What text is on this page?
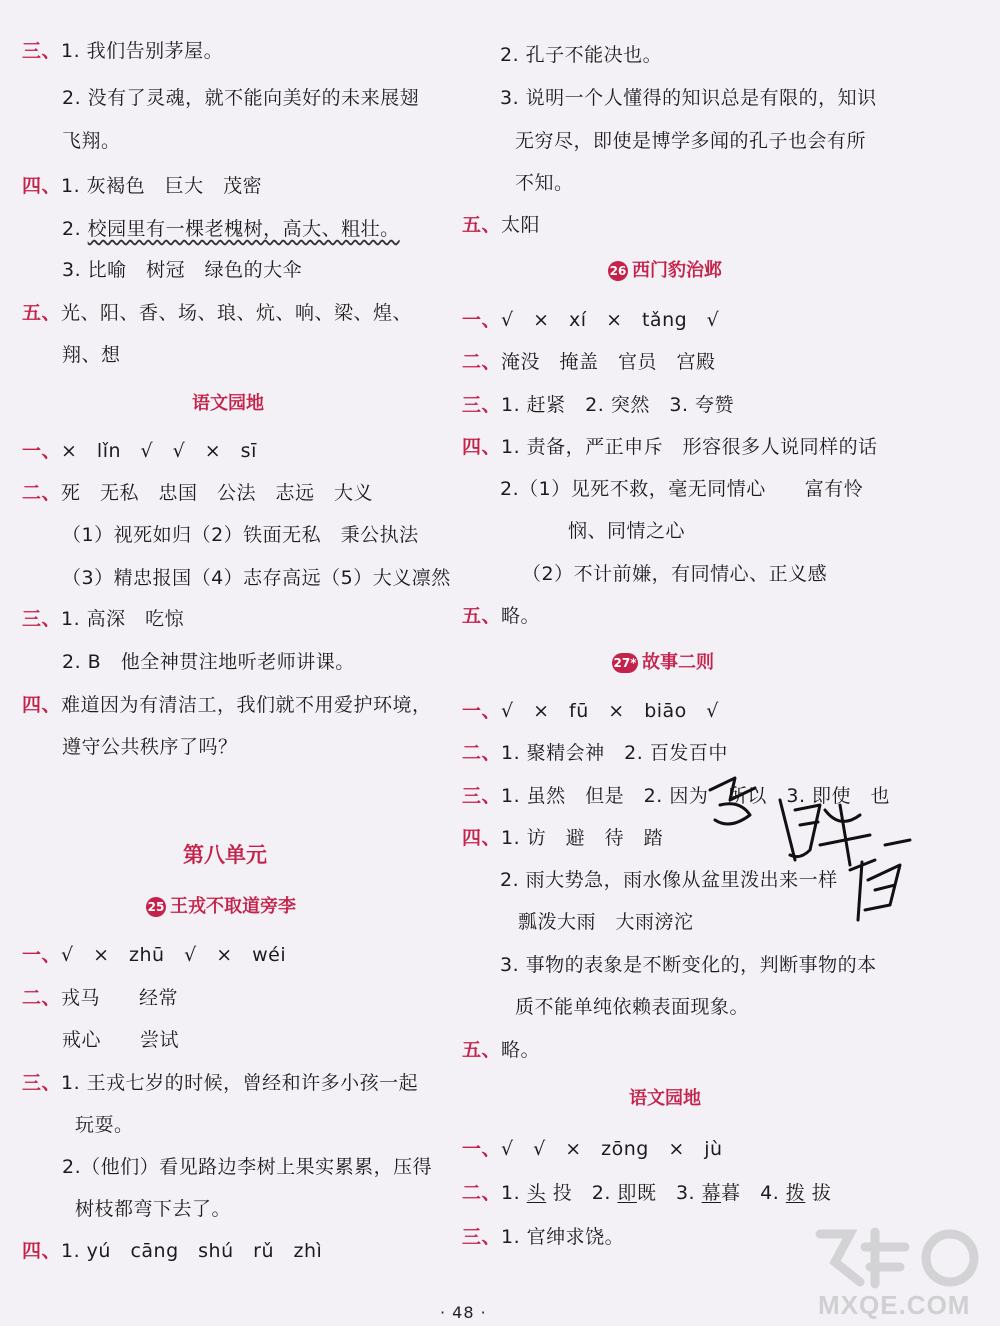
三、1. 我们告别茅屋。
2. 没有了灵魂，就不能向美好的未来展翅
飞翔。
四、1. 灰褐色　巨大　茂密
2. 校园里有一棵老槐树，高大、粗壮。
3. 比喻　树冠　绿色的大伞
五、光、阳、香、场、琅、炕、响、梁、煌、
翔、想
语文园地
一、×　lǐn　√　√　×　sī
二、死　无私　忠国　公法　志远　大义
（1）视死如归（2）铁面无私　秉公执法
（3）精忠报国（4）志存高远（5）大义凛然
三、1. 高深　吃惊
2. B　他全神贯注地听老师讲课。
四、难道因为有清洁工，我们就不用爱护环境，
遵守公共秩序了吗？
第八单元
25 王戎不取道旁李
一、√　×　zhū　√　×　wéi
二、戎马　　经常
戒心　　尝试
三、1. 王戎七岁的时候，曾经和许多小孩一起
玩耍。
2.（他们）看见路边李树上果实累累，压得
树枝都弯下去了。
四、1. yú　cāng　shú　rǔ　zhì
2. 孔子不能决也。
3. 说明一个人懂得的知识总是有限的，知识
无穷尽，即使是博学多闻的孔子也会有所
不知。
五、太阳
26 西门豹治邺
一、√　×　xí　×　tǎng　√
二、淹没　掩盖　官员　宫殿
三、1. 赶紧　2. 突然　3. 夸赞
四、1. 责备，严正申斥　形容很多人说同样的话
2.（1）见死不救，毫无同情心　　富有怜
悯、同情之心
（2）不计前嫌，有同情心、正义感
五、略。
27* 故事二则
一、√　×　fū　×　biāo　√
二、1. 聚精会神　2. 百发百中
三、1. 虽然　但是　2. 因为　所以　3. 即使　也
四、1. 访　避　待　踏
2. 雨大势急，雨水像从盆里泼出来一样
瓢泼大雨　大雨滂沱
3. 事物的表象是不断变化的，判断事物的本
质不能单纯依赖表面现象。
五、略。
语文园地
一、√　√　×　zōng　×　jù
二、1. 头 投　2. 即既　3. 幕暮　4. 拨 拔
三、1. 官绅求饶。
MXQE.COM
· 48 ·
